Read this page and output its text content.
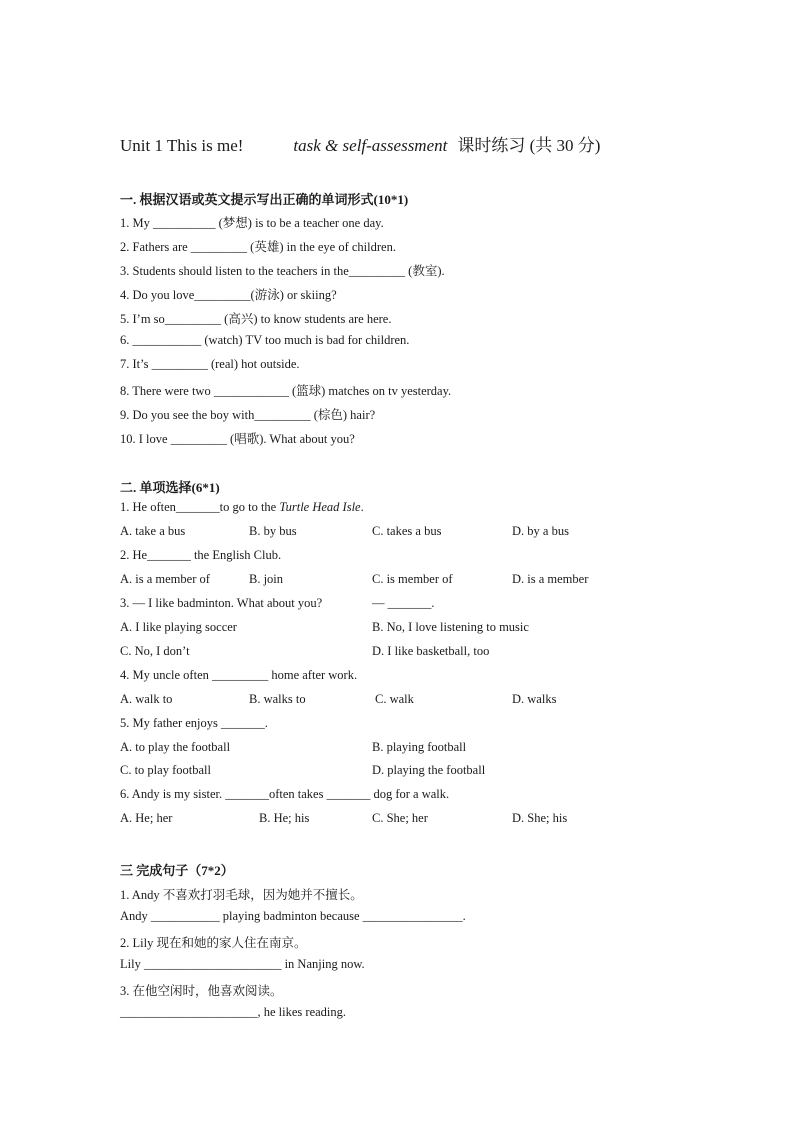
Unit 1 This is me!	task & self-assessment 课时练习 (共 30 分)
一. 根据汉语或英文提示写出正确的单词形式(10*1)
1. My __________ (梦想) is to be a teacher one day.
2. Fathers are _________ (英雄) in the eye of children.
3. Students should listen to the teachers in the_________ (教室).
4. Do you love_________(游泳) or skiing?
5. I’m so_________ (高兴) to know students are here.
6. ___________ (watch) TV too much is bad for children.
7. It’s _________ (real) hot outside.
8. There were two ____________ (篮球) matches on tv yesterday.
9. Do you see the boy with_________ (棕色) hair?
10. I love _________ (唱歌). What about you?
二. 单项选择(6*1)
1. He often_______to go to the Turtle Head Isle.
A. take a bus	B. by bus	C. takes a bus	D. by a bus
2. He_______ the English Club.
A. is a member of	B. join	C. is member of	D. is a member
3. — I like badminton. What about you?	— _______.
A. I like playing soccer	B. No, I love listening to music
C. No, I don’t	D. I like basketball, too
4. My uncle often _________ home after work.
A. walk to	B. walks to	C. walk	D. walks
5. My father enjoys _______.
A. to play the football	B. playing football
C. to play football	D. playing the football
6. Andy is my sister. _______often takes _______ dog for a walk.
A. He; her	B. He; his	C. She; her	D. She; his
三 完成句子（7*2）
1. Andy 不喜欢打羽毛球，因为她并不擅长。
Andy ___________ playing badminton because ________________.
2. Lily 现在和她的家人住在南京。
Lily ______________________ in Nanjing now.
3. 在他空闲时，他喜欢阅读。
______________________, he likes reading.
